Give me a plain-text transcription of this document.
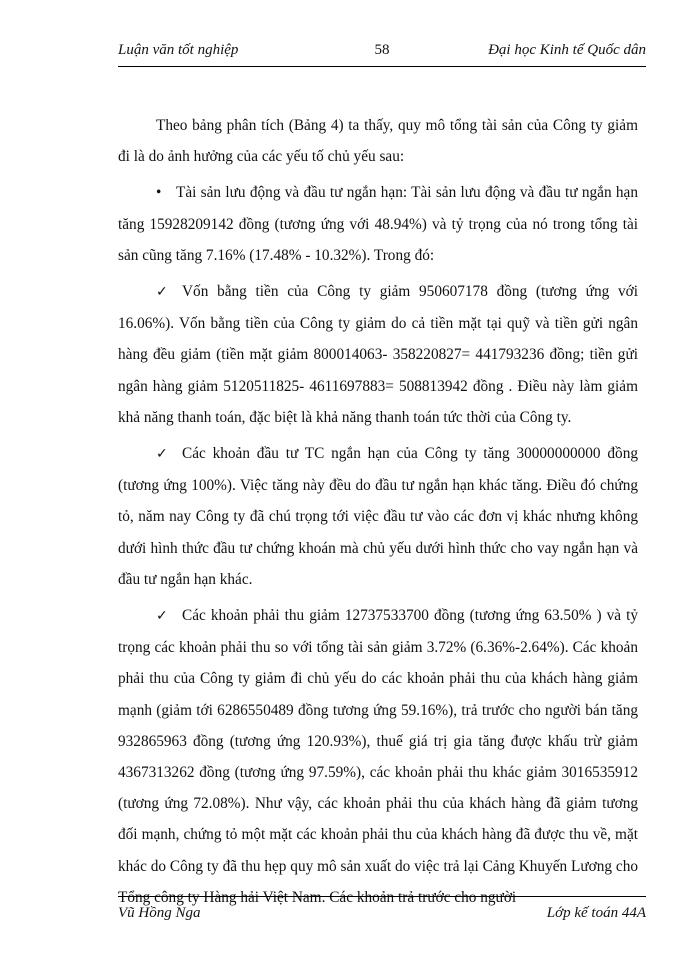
Luận văn tốt nghiệp	58	Đại học Kinh tế Quốc dân

Theo bảng phân tích (Bảng 4) ta thấy, quy mô tổng tài sản của Công ty giảm đi là do ảnh hưởng của các yếu tố chủ yếu sau:

• Tài sản lưu động và đầu tư ngắn hạn: Tài sản lưu động và đầu tư ngắn hạn tăng 15928209142 đồng (tương ứng với 48.94%) và tỷ trọng của nó trong tổng tài sản cũng tăng 7.16% (17.48% - 10.32%). Trong đó:

✓ Vốn bằng tiền của Công ty giảm 950607178 đồng (tương ứng với 16.06%). Vốn bằng tiền của Công ty giảm do cả tiền mặt tại quỹ và tiền gửi ngân hàng đều giảm (tiền mặt giảm 800014063- 358220827= 441793236 đồng; tiền gửi ngân hàng giảm 5120511825- 4611697883= 508813942 đồng . Điều này làm giảm khả năng thanh toán, đặc biệt là khả năng thanh toán tức thời của Công ty.

✓ Các khoản đầu tư TC ngắn hạn của Công ty tăng 30000000000 đồng (tương ứng 100%). Việc tăng này đều do đầu tư ngắn hạn khác tăng. Điều đó chứng tỏ, năm nay Công ty đã chú trọng tới việc đầu tư vào các đơn vị khác nhưng không dưới hình thức đầu tư chứng khoán mà chủ yếu dưới hình thức cho vay ngắn hạn và đầu tư ngắn hạn khác.

✓ Các khoản phải thu giảm 12737533700 đồng (tương ứng 63.50% ) và tỷ trọng các khoản phải thu so với tổng tài sản giảm 3.72% (6.36%-2.64%). Các khoản phải thu của Công ty giảm đi chủ yếu do các khoản phải thu của khách hàng giảm mạnh (giảm tới 6286550489 đồng tương ứng 59.16%), trả trước cho người bán tăng 932865963 đồng (tương ứng 120.93%), thuế giá trị gia tăng được khấu trừ giảm 4367313262 đồng (tương ứng 97.59%), các khoản phải thu khác giảm 3016535912 (tương ứng 72.08%). Như vậy, các khoản phải thu của khách hàng đã giảm tương đối mạnh, chứng tỏ một mặt các khoản phải thu của khách hàng đã được thu về, mặt khác do Công ty đã thu hẹp quy mô sản xuất do việc trả lại Cảng Khuyến Lương cho Tổng công ty Hàng hải Việt Nam. Các khoản trả trước cho người

Vũ Hồng Nga	Lớp kế toán 44A
